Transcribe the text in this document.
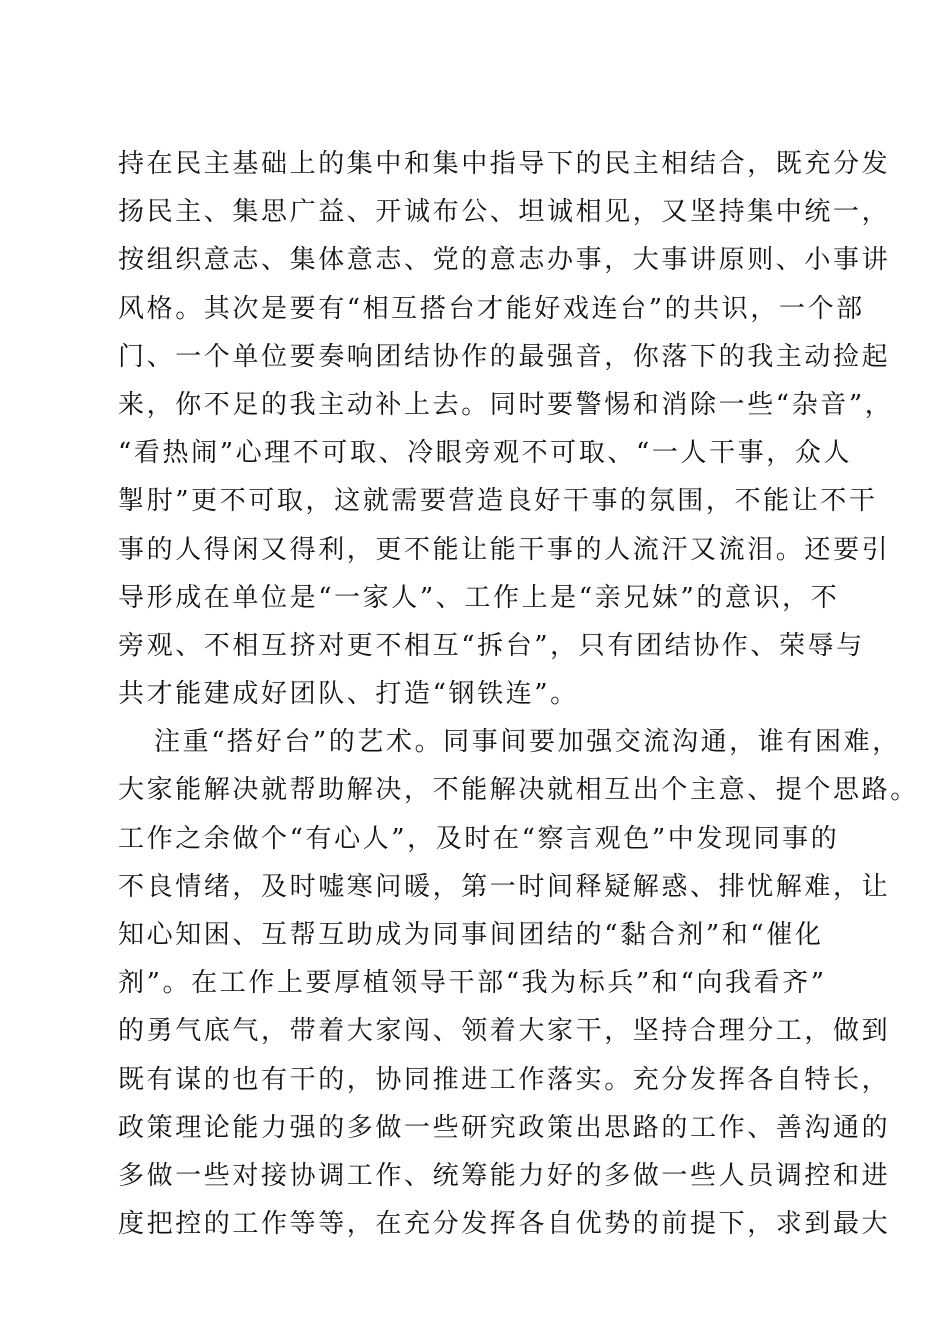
持在民主基础上的集中和集中指导下的民主相结合，既充分发
扬民主、集思广益、开诚布公、坦诚相见，又坚持集中统一，
按组织意志、集体意志、党的意志办事，大事讲原则、小事讲
风格。其次是要有“相互搭台才能好戏连台”的共识，一个部
门、一个单位要奏响团结协作的最强音，你落下的我主动捡起
来，你不足的我主动补上去。同时要警惕和消除一些“杂音”，
“看热闹”心理不可取、冷眼旁观不可取、“一人干事，众人
掣肘”更不可取，这就需要营造良好干事的氛围，不能让不干
事的人得闲又得利，更不能让能干事的人流汗又流泪。还要引
导形成在单位是“一家人”、工作上是“亲兄妹”的意识，不
旁观、不相互挤对更不相互“拆台”，只有团结协作、荣辱与
共才能建成好团队、打造“钢铁连”。
注重“搭好台”的艺术。同事间要加强交流沟通，谁有困难，
大家能解决就帮助解决，不能解决就相互出个主意、提个思路。
工作之余做个“有心人”，及时在“察言观色”中发现同事的
不良情绪，及时嘘寒问暖，第一时间释疑解惑、排忧解难，让
知心知困、互帮互助成为同事间团结的“黏合剂”和“催化
剂”。在工作上要厚植领导干部“我为标兵”和“向我看齐”
的勇气底气，带着大家闯、领着大家干，坚持合理分工，做到
既有谋的也有干的，协同推进工作落实。充分发挥各自特长，
政策理论能力强的多做一些研究政策出思路的工作、善沟通的
多做一些对接协调工作、统筹能力好的多做一些人员调控和进
度把控的工作等等，在充分发挥各自优势的前提下，求到最大
